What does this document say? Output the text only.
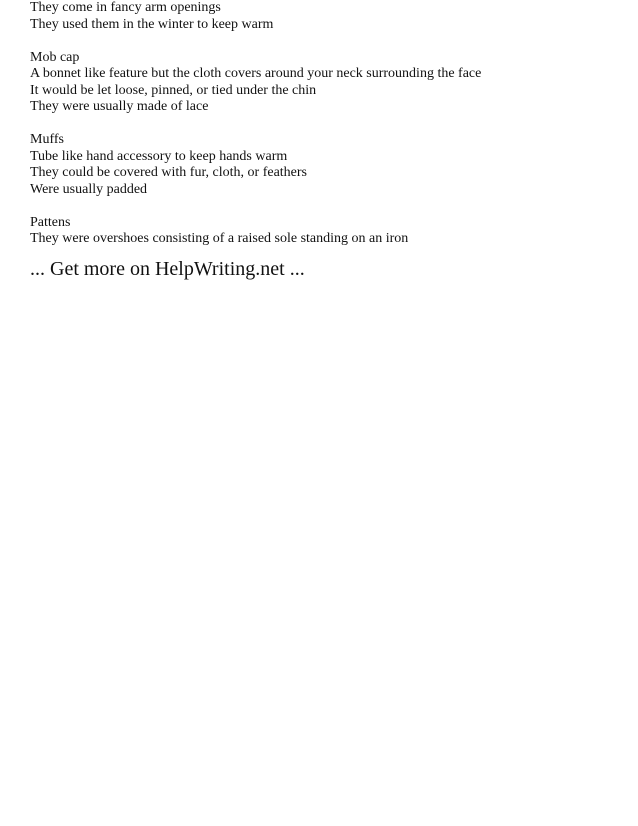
They come in fancy arm openings

They used them in the winter to keep warm

Mob cap

A bonnet like feature but the cloth covers around your neck surrounding the face

It would be let loose, pinned, or tied under the chin

They were usually made of lace

Muffs

Tube like hand accessory to keep hands warm

They could be covered with fur, cloth, or feathers

Were usually padded

Pattens

They were overshoes consisting of a raised sole standing on an iron

... Get more on HelpWriting.net ...
